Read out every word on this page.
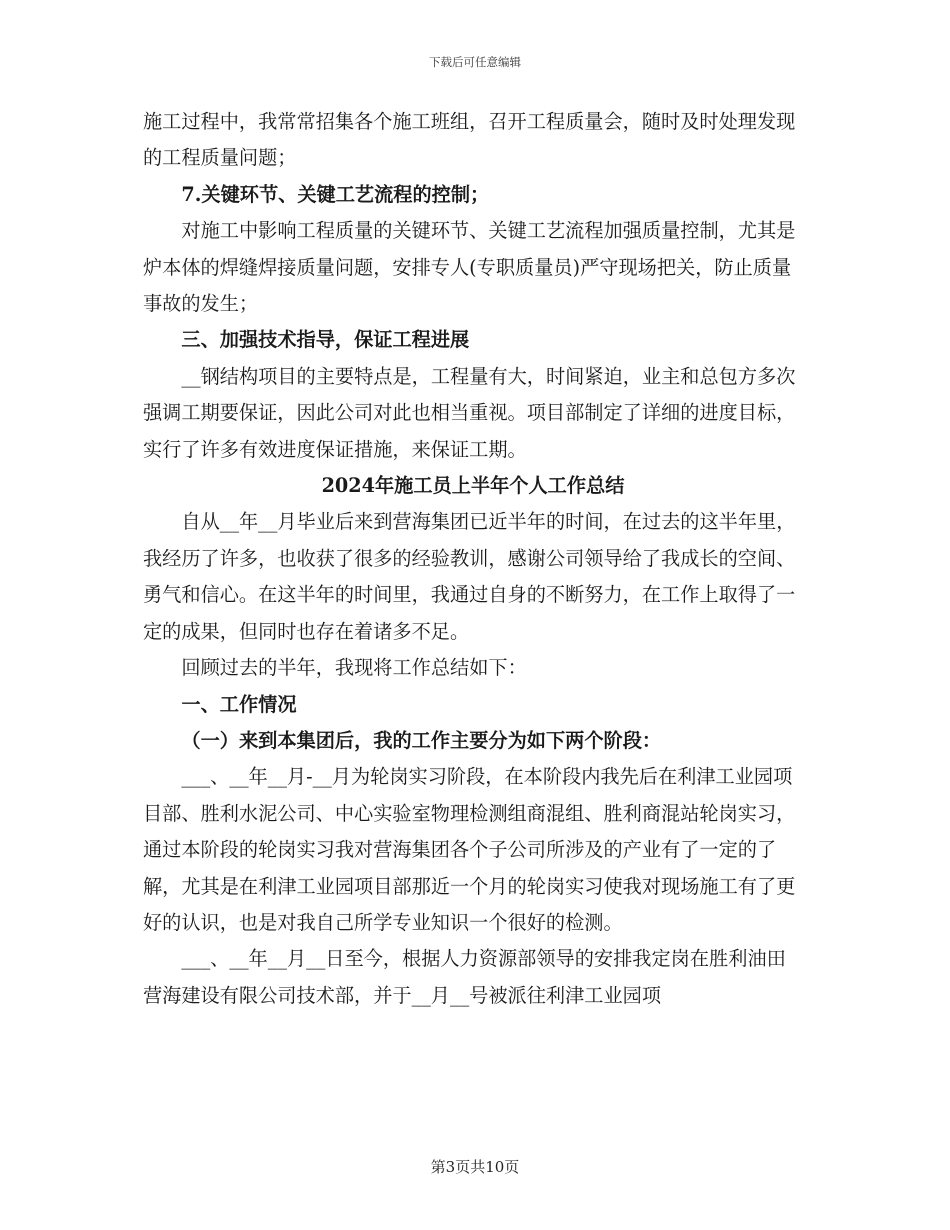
下载后可任意编辑

施工过程中，我常常招集各个施工班组，召开工程质量会，随时及时处理发现的工程质量问题；

7.关键环节、关键工艺流程的控制；

对施工中影响工程质量的关键环节、关键工艺流程加强质量控制，尤其是炉本体的焊缝焊接质量问题，安排专人(专职质量员)严守现场把关，防止质量事故的发生；

三、加强技术指导，保证工程进展

__钢结构项目的主要特点是，工程量有大，时间紧迫，业主和总包方多次强调工期要保证，因此公司对此也相当重视。项目部制定了详细的进度目标，实行了许多有效进度保证措施，来保证工期。

2024年施工员上半年个人工作总结

自从__年__月毕业后来到营海集团已近半年的时间，在过去的这半年里，我经历了许多，也收获了很多的经验教训，感谢公司领导给了我成长的空间、勇气和信心。在这半年的时间里，我通过自身的不断努力，在工作上取得了一定的成果，但同时也存在着诸多不足。

回顾过去的半年，我现将工作总结如下：

一、工作情况

（一）来到本集团后，我的工作主要分为如下两个阶段：

___、__年__月-__月为轮岗实习阶段，在本阶段内我先后在利津工业园项目部、胜利水泥公司、中心实验室物理检测组商混组、胜利商混站轮岗实习，通过本阶段的轮岗实习我对营海集团各个子公司所涉及的产业有了一定的了解，尤其是在利津工业园项目部那近一个月的轮岗实习使我对现场施工有了更好的认识，也是对我自己所学专业知识一个很好的检测。

___、__年__月__日至今，根据人力资源部领导的安排我定岗在胜利油田营海建设有限公司技术部，并于__月__号被派往利津工业园项

第3页共10页
